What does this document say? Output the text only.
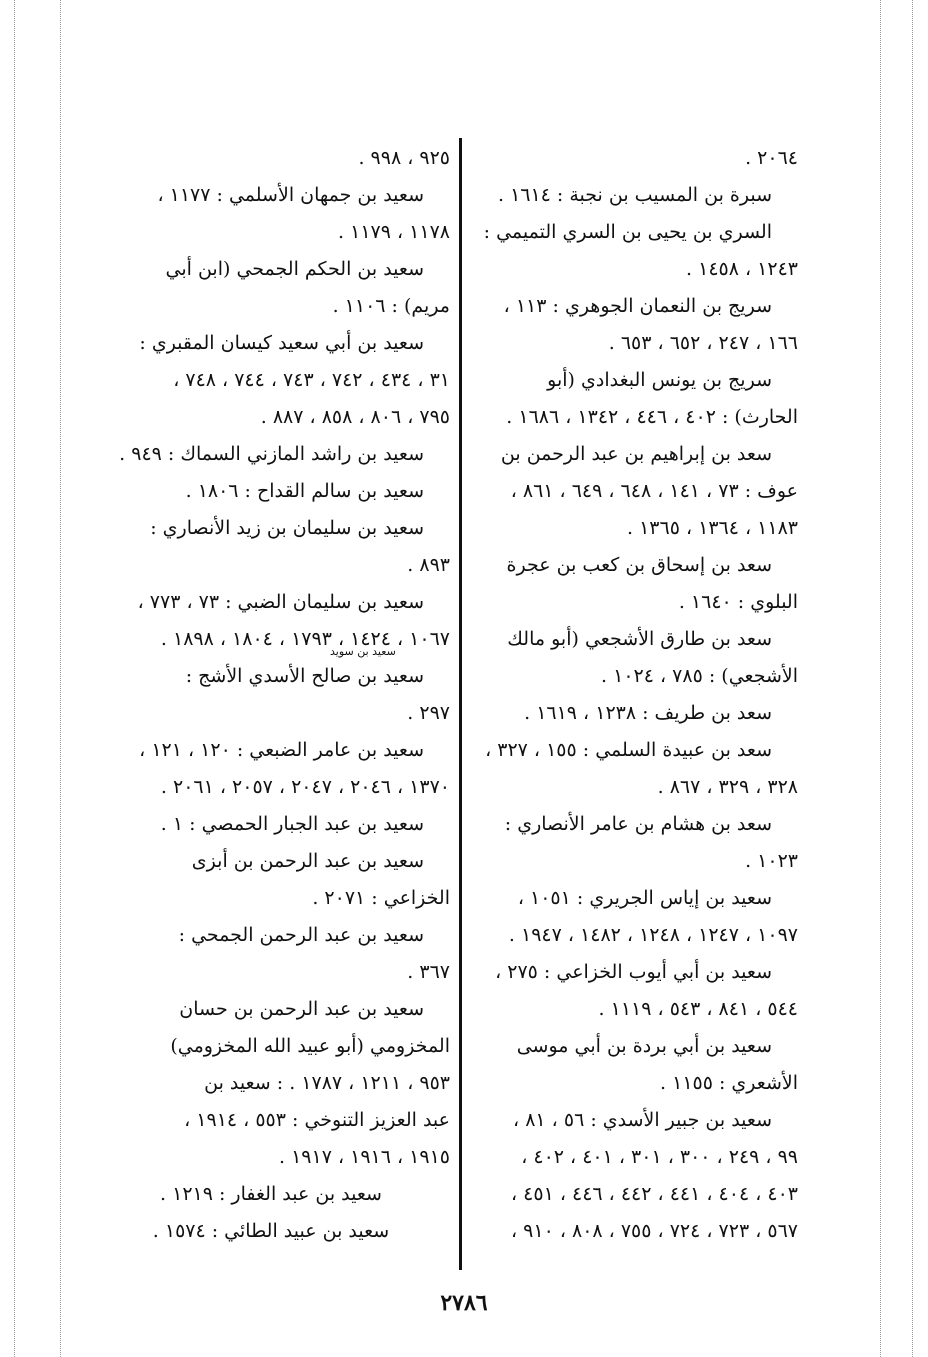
٢٠٦٤ .
سبرة بن المسيب بن نجبة : ١٦١٤ .
السري بن يحيى بن السري التميمي :
١٢٤٣ ، ١٤٥٨ .
سريج بن النعمان الجوهري : ١١٣ ،
١٦٦ ، ٢٤٧ ، ٦٥٢ ، ٦٥٣ .
سريج بن يونس البغدادي (أبو
الحارث) : ٤٠٢ ، ٤٤٦ ، ١٣٤٢ ، ١٦٨٦ .
سعد بن إبراهيم بن عبد الرحمن بن
عوف : ٧٣ ، ١٤١ ، ٦٤٨ ، ٦٤٩ ، ٨٦١ ،
١١٨٣ ، ١٣٦٤ ، ١٣٦٥ .
سعد بن إسحاق بن كعب بن عجرة
البلوي : ١٦٤٠ .
سعد بن طارق الأشجعي (أبو مالك
الأشجعي) : ٧٨٥ ، ١٠٢٤ .
سعد بن طريف : ١٢٣٨ ، ١٦١٩ .
سعد بن عبيدة السلمي : ١٥٥ ، ٣٢٧ ،
٣٢٨ ، ٣٢٩ ، ٨٦٧ .
سعد بن هشام بن عامر الأنصاري :
١٠٢٣ .
سعيد بن إياس الجريري : ١٠٥١ ،
١٠٩٧ ، ١٢٤٧ ، ١٢٤٨ ، ١٤٨٢ ، ١٩٤٧ .
سعيد بن أبي أيوب الخزاعي : ٢٧٥ ،
٥٤٤ ، ٨٤١ ، ٥٤٣ ، ١١١٩ .
سعيد بن أبي بردة بن أبي موسى
الأشعري : ١١٥٥ .
سعيد بن جبير الأسدي : ٥٦ ، ٨١ ،
٩٩ ، ٢٤٩ ، ٣٠٠ ، ٣٠١ ، ٤٠١ ، ٤٠٢ ،
٤٠٣ ، ٤٠٤ ، ٤٤١ ، ٤٤٢ ، ٤٤٦ ، ٤٥١ ،
٥٦٧ ، ٧٢٣ ، ٧٢٤ ، ٧٥٥ ، ٨٠٨ ، ٩١٠ ،
٩٢٥ ، ٩٩٨ .
سعيد بن جمهان الأسلمي : ١١٧٧ ،
١١٧٨ ، ١١٧٩ .
سعيد بن الحكم الجمحي (ابن أبي
مريم) : ١١٠٦ .
سعيد بن أبي سعيد كيسان المقبري :
٣١ ، ٤٣٤ ، ٧٤٢ ، ٧٤٣ ، ٧٤٤ ، ٧٤٨ ،
٧٩٥ ، ٨٠٦ ، ٨٥٨ ، ٨٨٧ .
سعيد بن راشد المازني السماك : ٩٤٩ .
سعيد بن سالم القداح : ١٨٠٦ .
سعيد بن سليمان بن زيد الأنصاري :
٨٩٣ .
سعيد بن سليمان الضبي : ٧٣ ، ٧٧٣ ،
١٠٦٧ ، ١٤٢٤ ، ١٧٩٣ ، ١٨٠٤ ، ١٨٩٨ .
سعيد بن صالح الأسدي الأشج :
٢٩٧ .
سعيد بن عامر الضبعي : ١٢٠ ، ١٢١ ،
١٣٧٠ ، ٢٠٤٦ ، ٢٠٤٧ ، ٢٠٥٧ ، ٢٠٦١ .
سعيد بن عبد الجبار الحمصي : ١ .
سعيد بن عبد الرحمن بن أبزى
الخزاعي : ٢٠٧١ .
سعيد بن عبد الرحمن الجمحي :
٣٦٧ .
سعيد بن عبد الرحمن بن حسان
المخزومي (أبو عبيد الله المخزومي)
٩٥٣ ، ١٢١١ ، ١٧٨٧ . : سعيد بن
عبد العزيز التنوخي : ٥٥٣ ، ١٩١٤ ،
١٩١٥ ، ١٩١٦ ، ١٩١٧ .
سعيد بن عبد الغفار : ١٢١٩ .
سعيد بن عبيد الطائي : ١٥٧٤ .
سعيد بن سويد
٢٧٨٦
